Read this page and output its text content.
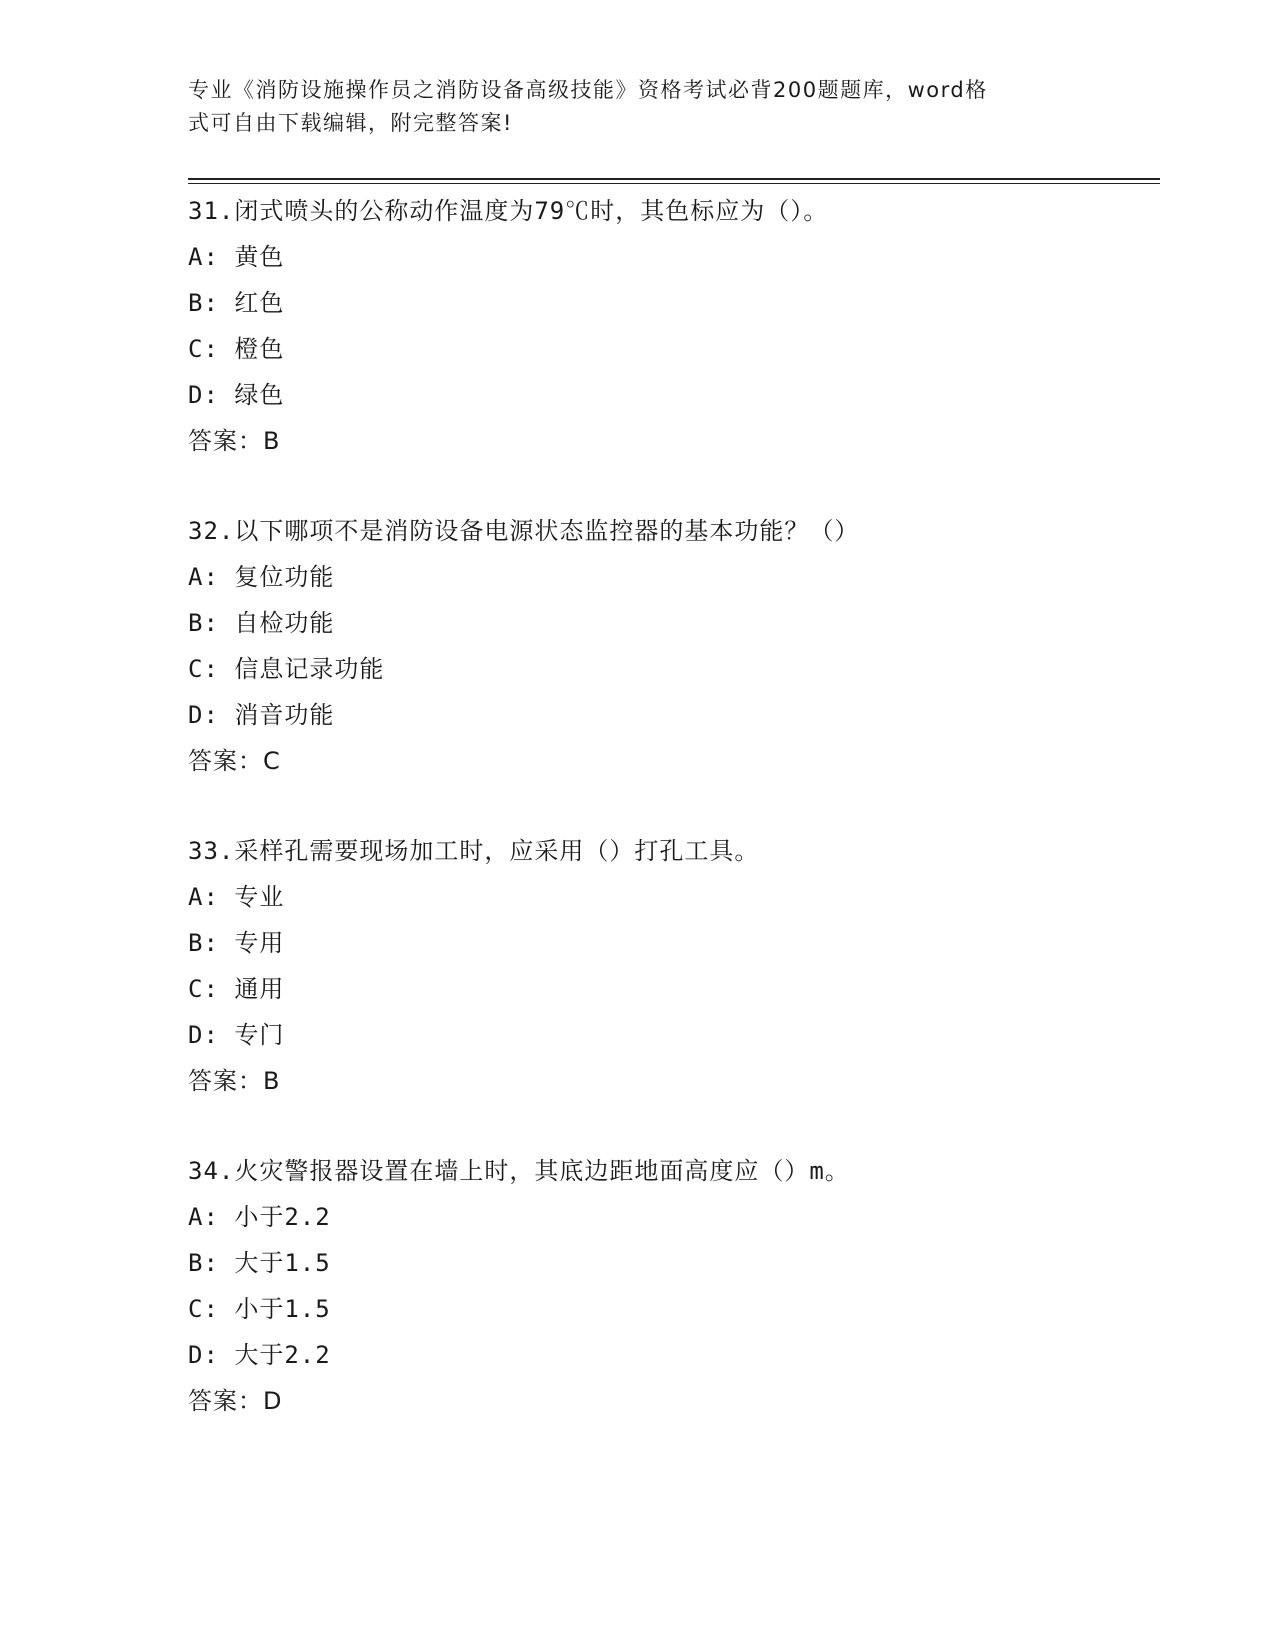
专业《消防设施操作员之消防设备高级技能》资格考试必背200题题库，word格

式可自由下载编辑，附完整答案!

31.闭式喷头的公称动作温度为79℃时，其色标应为（）。
A: 黄色
B: 红色
C: 橙色
D: 绿色
答案：B
32.以下哪项不是消防设备电源状态监控器的基本功能？（）
A: 复位功能
B: 自检功能
C: 信息记录功能
D: 消音功能
答案：C
33.采样孔需要现场加工时，应采用（）打孔工具。
A: 专业
B: 专用
C: 通用
D: 专门
答案：B
34.火灾警报器设置在墙上时，其底边距地面高度应（）m。
A: 小于2.2
B: 大于1.5
C: 小于1.5
D: 大于2.2
答案：D
